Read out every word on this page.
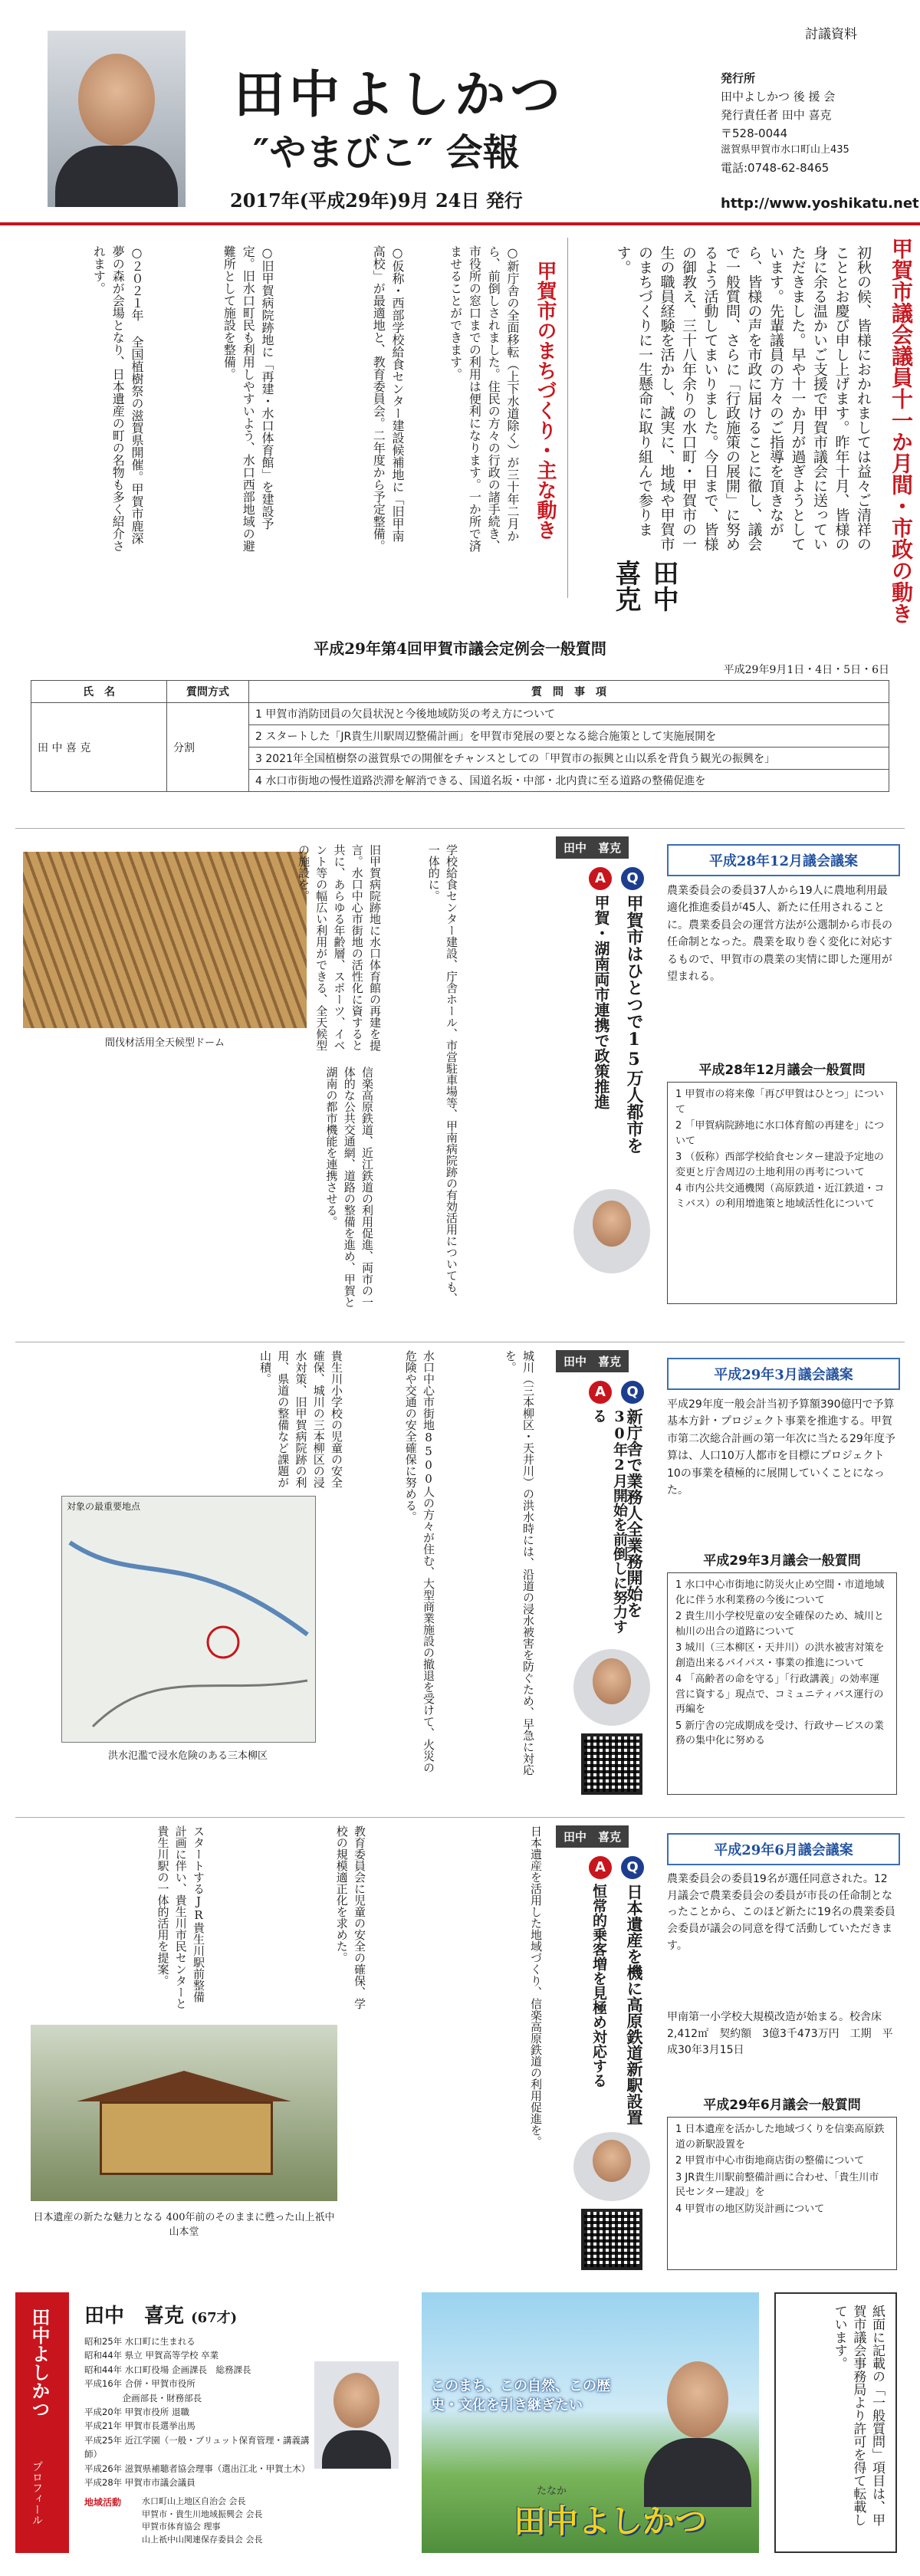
討議資料
田中よしかつ
″やまびこ″ 会報
2017年(平成29年)9月 24日 発行
発行所
田中よしかつ 後 援 会
発行責任者 田中 喜克
〒528-0044
滋賀県甲賀市水口町山上435
電話:0748-62-8465
http://www.yoshikatu.net
甲賀市議会議員十一か月間・市政の動き
初秋の候、皆様におかれましては益々ご清祥のこととお慶び申し上げます。昨年十月、皆様の身に余る温かいご支援で甲賀市議会に送っていただきました。早や十一か月が過ぎようとしています。先輩議員の方々のご指導を頂きながら、皆様の声を市政に届けることに徹し、議会で一般質問、さらに「行政施策の展開」に努めるよう活動してまいりました。今日まで、皆様の御教え、三十八年余りの水口町・甲賀市の一生の職員経験を活かし、誠実に、地域や甲賀市のまちづくりに一生懸命に取り組んで参ります。
田中 喜克
甲賀市のまちづくり・主な動き
○新庁舎の全面移転（上下水道除く）が三十年二月から、前倒しされました。住民の方々の行政の諸手続き、市役所の窓口までの利用は便利になります。一か所で済ませることができます。
○仮称・西部学校給食センター建設候補地に「旧甲南高校」が最適地と、教育委員会。二年度から予定整備。
○旧甲賀病院跡地に「再建・水口体育館」を建設予定。旧水口町民も利用しやすいよう、水口西部地域の避難所として施設を整備。
○２０２１年 全国植樹祭の滋賀県開催。甲賀市鹿深夢の森が会場となり、日本遺産の町の名物も多く紹介されます。
平成29年第4回甲賀市議会定例会一般質問
平成29年9月1日・4日・5日・6日
氏　名	質問方式	質　問　事　項
田 中 喜 克	分割	1 甲賀市消防団員の欠員状況と今後地域防災の考え方について
		2 スタートした「JR貴生川駅周辺整備計画」を甲賀市発展の要となる総合施策として実施展開を
		3 2021年全国植樹祭の滋賀県での開催をチャンスとしての「甲賀市の振興と山以系を背負う観光の振興を」
		4 水口市街地の慢性道路渋滞を解消できる、国道名坂・中部・北内貴に至る道路の整備促進を
間伐材活用全天候型ドーム	旧甲賀病院跡地に水口体育館の再建を提言。水口中心市街地の活性化に資すると共に、あらゆる年齢層、スポーツ、イベント等の幅広い利用ができる、全天候型の施設を。	学校給食センター建設、庁舎ホール、市営駐車場等、甲南病院跡の有効活用についても、一体的に。
信楽高原鉄道、近江鉄道の利用促進、両市の一体的な公共交通網、道路の整備を進め、甲賀と湖南の都市機能を連携させる。
田中　喜克
Q
甲賀市はひとつで15万人都市を
A
甲賀・湖南両市連携で政策推進
平成28年12月議会議案
農業委員会の委員37人から19人に農地利用最適化推進委員が45人、新たに任用されることに。農業委員会の運営方法が公選制から市長の任命制となった。農業を取り巻く変化に対応するもので、甲賀市の農業の実情に即した運用が望まれる。
平成28年12月議会一般質問
1 甲賀市の将来像「再び甲賀はひとつ」について
2 「甲賀病院跡地に水口体育館の再建を」について
3 （仮称）西部学校給食センター建設予定地の変更と庁舎周辺の土地利用の再考について
4 市内公共交通機関（高原鉄道・近江鉄道・コミバス）の利用増進策と地域活性化について
貴生川小学校の児童の安全確保、城川の三本柳区の浸水対策、旧甲賀病院跡の利用、県道の整備など課題が山積。
対象の最重要地点
洪水氾濫で浸水危険のある三本柳区	水口中心市街地8500人の方々が住む、大型商業施設の撤退を受けて、火災の危険や交通の安全確保に努める。	城川（三本柳区・天井川）の洪水時には、沿道の浸水被害を防ぐため、早急に対応を。	田中　喜克
Q
新庁舎で業務人全業務開始を
A
30年2月開始を前倒しに努力する
平成29年3月議会議案
平成29年度一般会計当初予算額390億円で予算基本方針・プロジェクト事業を推進する。甲賀市第二次総合計画の第一年次に当たる29年度予算は、人口10万人都市を目標にプロジェクト10の事業を積極的に展開していくことになった。
平成29年3月議会一般質問
1 水口中心市街地に防災火止め空間・市道地域化に伴う水利業務の今後について
2 貴生川小学校児童の安全確保のため、城川と杣川の出合の道路について
3 城川（三本柳区・天井川）の洪水被害対策を創造出来るバイパス・事業の推進について
4 「高齢者の命を守る」「行政講義」の効率運営に資する」現点で、コミュニティバス運行の再編を
5 新庁舎の完成期成を受け、行政サービスの業務の集中化に努める
スタートするJR貴生川駅前整備計画に伴い、貴生川市民センターと貴生川駅の一体的活用を提案。	教育委員会に児童の安全の確保、学校の規模適正化を求めた。
日本遺産の新たな魅力となる 400年前のそのままに甦った山上祇中山本堂
日本遺産を活用した地域づくり、信楽高原鉄道の利用促進を。	田中　喜克
Q
日本遺産を機に高原鉄道新駅設置
A
恒常的乗客増を見極め対応する
平成29年6月議会議案
農業委員会の委員19名が選任同意された。12月議会で農業委員会の委員が市長の任命制となったことから、このほど新たに19名の農業委員会委員が議会の同意を得て活動していただきます。
甲南第一小学校大規模改造が始まる。校舎床　2,412㎡　契約額　3億3千473万円　工期　平成30年3月15日
平成29年6月議会一般質問
1 日本遺産を活かした地域づくりを信楽高原鉄道の新駅設置を
2 甲賀市中心市街地商店街の整備について
3 JR貴生川駅前整備計画に合わせ、「貴生川市民センター建設」を
4 甲賀市の地区防災計画について
田中よしかつ
プロフィール
田中　喜克 (67才)
昭和25年 水口町に生まれる
昭和44年 県立 甲賀高等学校 卒業
昭和44年 水口町役場 企画課長　総務課長
平成16年 合併・甲賀市役所
　　　　 企画部長・財務部長
平成20年 甲賀市役所 退職
平成21年 甲賀市長選挙出馬
平成25年 近江学園（一般・ブリュット保育管理・講義講師）
平成26年 滋賀県補聴者協会理事（選出江北・甲賀土木）
平成28年 甲賀市市議会議員
地域活動 水口町山上地区自治会 会長
甲賀市・貴生川地域振興会 会長
甲賀市体育協会 理事
山上祇中山関連保存委員会 会長
このまち、この自然、この歴史・文化を引き継ぎたい
たなか
田中よしかつ	紙面に記載の「一般質問」項目は、甲賀市議会事務局より許可を得て転載しています。
